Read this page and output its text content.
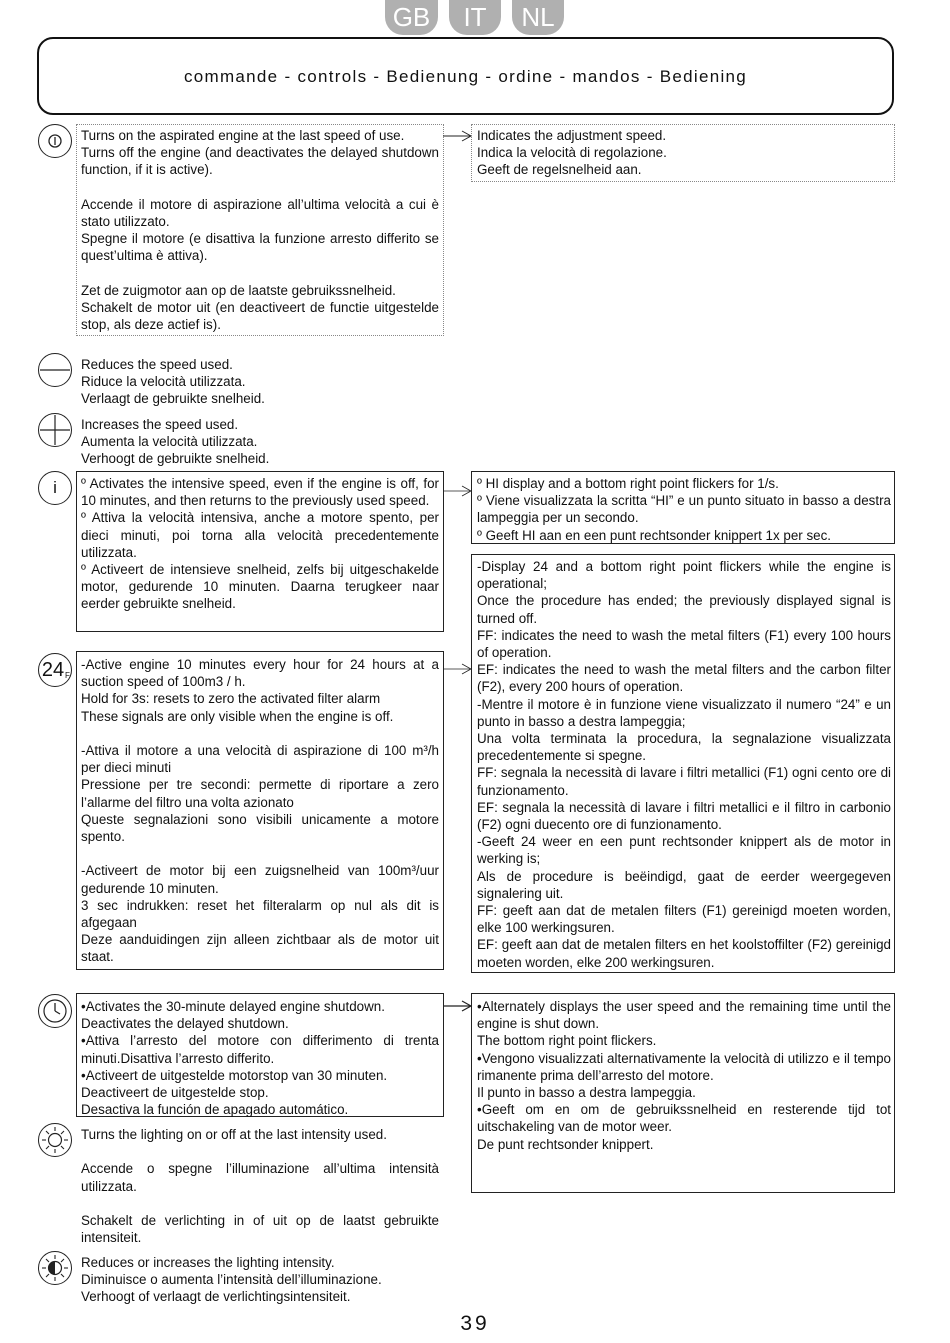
GB	IT	NL
commande - controls - Bedienung - ordine - mandos - Bediening

Turns on the aspirated engine at the last speed of use.

Turns off the engine (and deactivates the delayed shutdown function, if it is active).

Accende il motore di aspirazione all’ultima velocità a cui è stato utilizzato.

Spegne il motore (e disattiva la funzione arresto differito se quest’ultima è attiva).

Zet de zuigmotor aan op de laatste gebruikssnelheid.

Schakelt de motor uit (en deactiveert de functie uitgestelde stop, als deze actief is).

Indicates the adjustment speed.

Indica la velocità di regolazione.

Geeft de regelsnelheid aan.

Reduces the speed used.

Riduce la velocità utilizzata.

Verlaagt de gebruikte snelheid.

Increases the speed used.

Aumenta la velocità utilizzata.

Verhoogt de gebruikte snelheid.

i	º Activates the intensive speed, even if the engine is off, for 10 minutes, and then returns to the previously used speed.

º Attiva la velocità intensiva, anche a motore spento, per dieci minuti, poi torna alla velocità precedentemente utilizzata.

º Activeert de intensieve snelheid, zelfs bij uitgeschakelde motor, gedurende 10 minuten. Daarna terugkeer naar eerder gebruikte snelheid.

º HI display and a bottom right point flickers for 1/s.

º Viene visualizzata la scritta “HI” e un punto situato in basso a destra lampeggia per un secondo.

º Geeft HI aan en een punt rechtsonder knippert 1x per sec.

24 F

-Active engine 10 minutes every hour for 24 hours at a suction speed of 100m3 / h.

Hold for 3s: resets to zero the activated filter alarm

These signals are only visible when the engine is off.

-Attiva il motore a una velocità di aspirazione di 100 m³/h per dieci minuti

Pressione per tre secondi: permette di riportare a zero l’allarme del filtro una volta azionato

Queste segnalazioni sono visibili unicamente a motore spento.

-Activeert de motor bij een zuigsnelheid van 100m³/uur gedurende 10 minuten.

3 sec indrukken: reset het filteralarm op nul als dit is afgegaan

Deze aanduidingen zijn alleen zichtbaar als de motor uit staat.

-Display 24 and a bottom right point flickers while the engine is operational;

Once the procedure has ended; the previously displayed signal is turned off.

FF: indicates the need to wash the metal filters (F1) every 100 hours of operation.

EF: indicates the need to wash the metal filters and the carbon filter (F2), every 200 hours of operation.

-Mentre il motore è in funzione viene visualizzato il numero “24” e un punto in basso a destra lampeggia;

Una volta terminata la procedura, la segnalazione visualizzata precedentemente si spegne.

FF: segnala la necessità di lavare i filtri metallici (F1) ogni cento ore di funzionamento.

EF: segnala la necessità di lavare i filtri metallici e il filtro in carbonio (F2) ogni duecento ore di funzionamento.

-Geeft 24 weer en een punt rechtsonder knippert als de motor in werking is;

Als de procedure is beëindigd, gaat de eerder weergegeven signalering uit.

FF: geeft aan dat de metalen filters (F1) gereinigd moeten worden, elke 100 werkingsuren.

EF: geeft aan dat de metalen filters en het koolstoffilter (F2) gereinigd moeten worden, elke 200 werkingsuren.

•Activates the 30-minute delayed engine shutdown.

Deactivates the delayed shutdown.

•Attiva l’arresto del motore con differimento di trenta minuti.Disattiva l’arresto differito.

•Activeert de uitgestelde motorstop van 30 minuten.

Deactiveert de uitgestelde stop.

Desactiva la función de apagado automático.

•Alternately displays the user speed and the remaining time until the engine is shut down.

The bottom right point flickers.

•Vengono visualizzati alternativamente la velocità di utilizzo e il tempo rimanente prima dell’arresto del motore.

Il punto in basso a destra lampeggia.

•Geeft om en om de gebruikssnelheid en resterende tijd tot uitschakeling van de motor weer.

De punt rechtsonder knippert.

Turns the lighting on or off at the last intensity used.

Accende o spegne l’illuminazione all’ultima intensità utilizzata.

Schakelt de verlichting in of uit op de laatst gebruikte intensiteit.

Reduces or increases the lighting intensity.

Diminuisce o aumenta l’intensità dell’illuminazione.

Verhoogt of verlaagt de verlichtingsintensiteit.

39
